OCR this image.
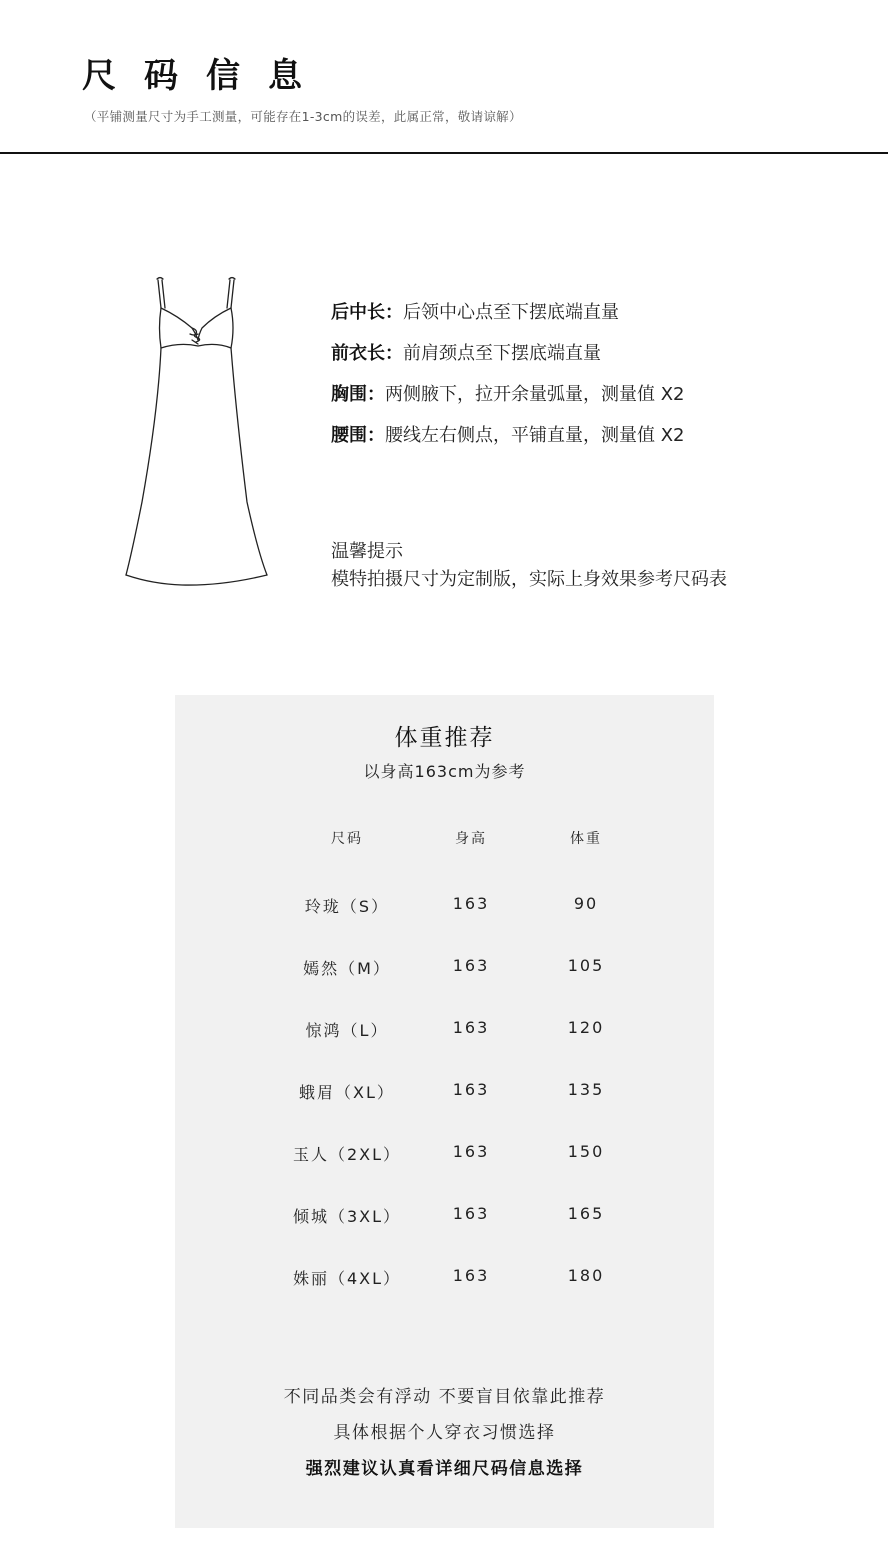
尺码信息
（平铺测量尺寸为手工测量，可能存在1-3cm的误差，此属正常，敬请谅解）
后中长：后领中心点至下摆底端直量
前衣长：前肩颈点至下摆底端直量
胸围：两侧腋下，拉开余量弧量，测量值 X2
腰围：腰线左右侧点，平铺直量，测量值 X2
温馨提示
模特拍摄尺寸为定制版，实际上身效果参考尺码表
体重推荐
以身高163cm为参考
尺码	身高	体重
玲珑（S）	163	90
嫣然（M）	163	105
惊鸿（L）	163	120
蛾眉（XL）	163	135
玉人（2XL）	163	150
倾城（3XL）	163	165
姝丽（4XL）	163	180
不同品类会有浮动 不要盲目依靠此推荐
具体根据个人穿衣习惯选择
强烈建议认真看详细尺码信息选择
